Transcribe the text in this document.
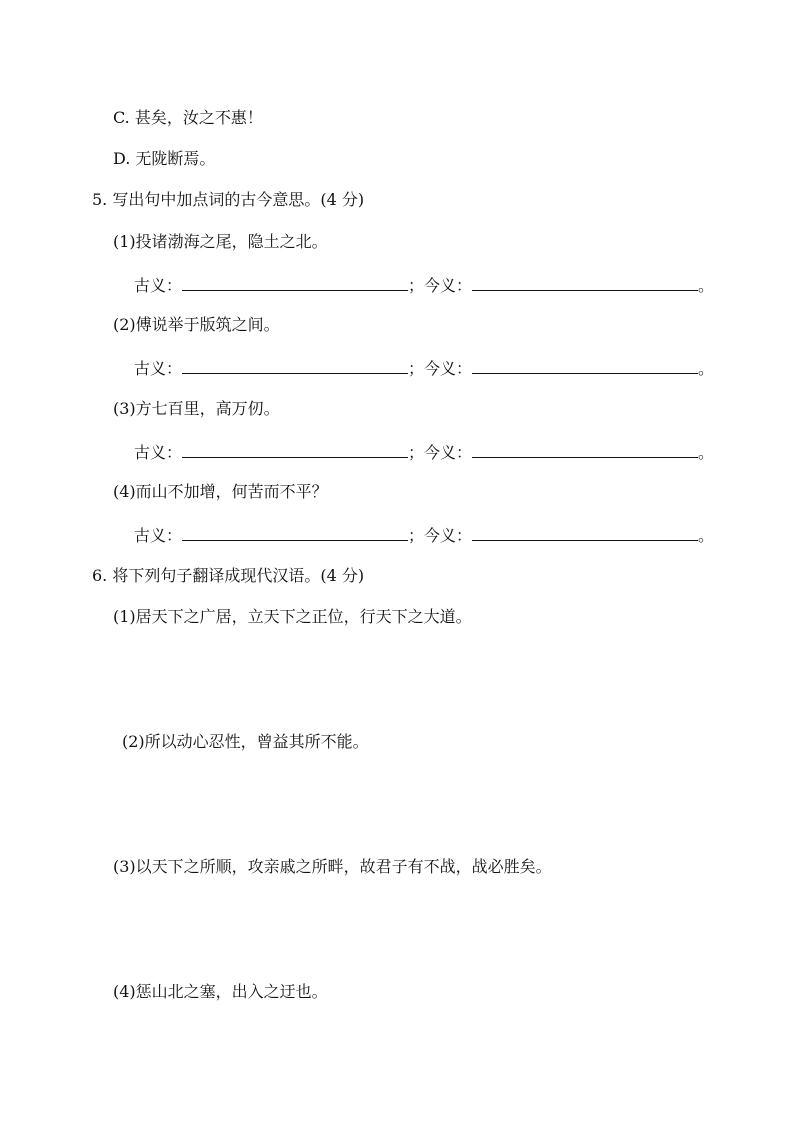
C. 甚矣，汝之不惠！
D. 无陇断焉。
5. 写出句中加点词的古今意思。(4 分)
(1)投诸渤海之尾，隐土之北。
古义：	；今义：	。
(2)傅说举于版筑之间。
古义：	；今义：	。
(3)方七百里，高万仞。
古义：	；今义：	。
(4)而山不加增，何苦而不平？
古义：	；今义：	。
6. 将下列句子翻译成现代汉语。(4 分)
(1)居天下之广居，立天下之正位，行天下之大道。
(2)所以动心忍性，曾益其所不能。
(3)以天下之所顺，攻亲戚之所畔，故君子有不战，战必胜矣。
(4)惩山北之塞，出入之迂也。
